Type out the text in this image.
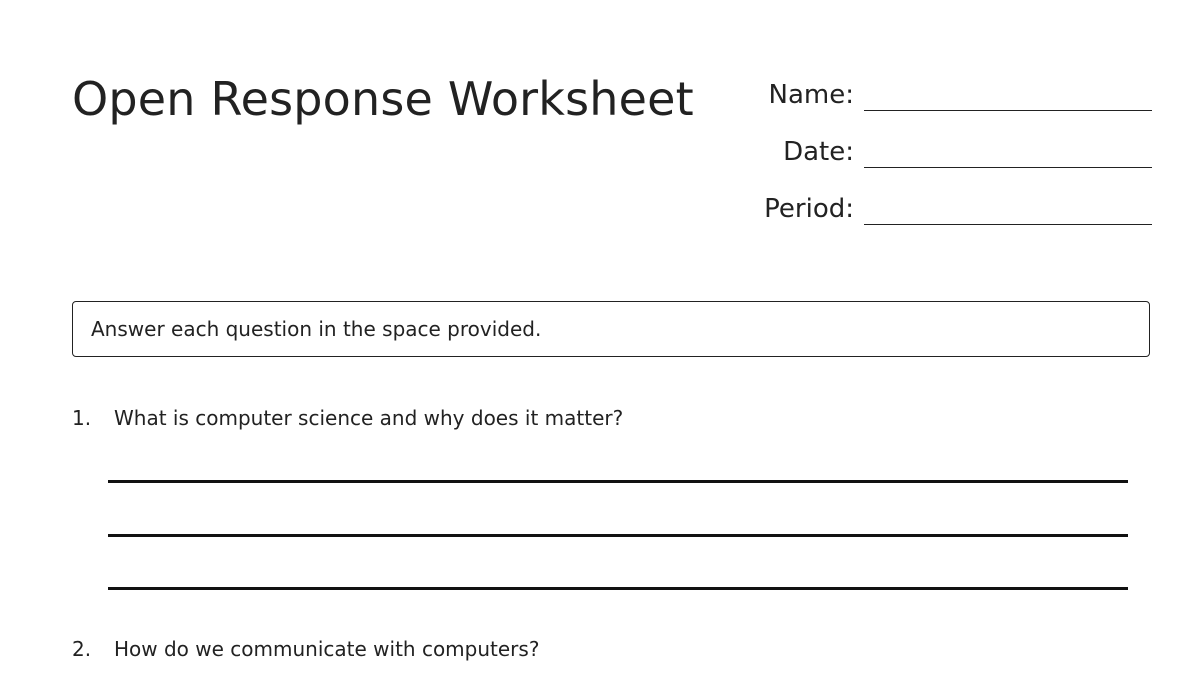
Open Response Worksheet	Name:
Date:
Period:
Answer each question in the space provided.
1. What is computer science and why does it matter?
2. How do we communicate with computers?
